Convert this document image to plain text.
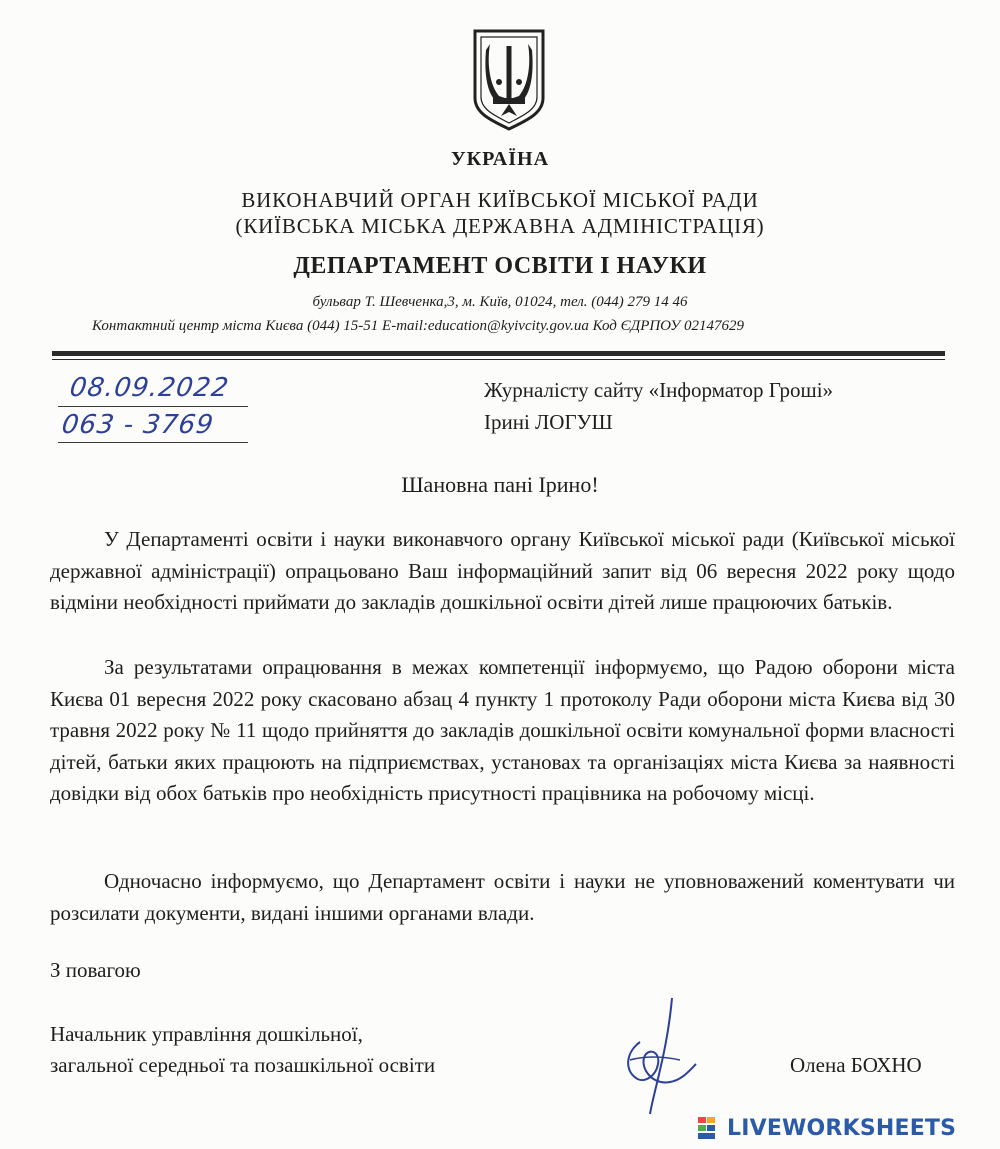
УКРАЇНА
ВИКОНАВЧИЙ ОРГАН КИЇВСЬКОЇ МІСЬКОЇ РАДИ
(КИЇВСЬКА МІСЬКА ДЕРЖАВНА АДМІНІСТРАЦІЯ)
ДЕПАРТАМЕНТ ОСВІТИ І НАУКИ
бульвар Т. Шевченка,3, м. Київ, 01024, тел. (044) 279 14 46
Контактний центр міста Києва (044) 15-51 E-mail:education@kyivcity.gov.ua Код ЄДРПОУ 02147629
08.09.2022
063 - 3769
Журналісту сайту «Інформатор Гроші»
Ірині ЛОГУШ
Шановна пані Ірино!

У Департаменті освіти і науки виконавчого органу Київської міської ради (Київської міської державної адміністрації) опрацьовано Ваш інформаційний запит від 06 вересня 2022 року щодо відміни необхідності приймати до закладів дошкільної освіти дітей лише працюючих батьків.

За результатами опрацювання в межах компетенції інформуємо, що Радою оборони міста Києва 01 вересня 2022 року скасовано абзац 4 пункту 1 протоколу Ради оборони міста Києва від 30 травня 2022 року № 11 щодо прийняття до закладів дошкільної освіти комунальної форми власності дітей, батьки яких працюють на підприємствах, установах та організаціях міста Києва за наявності довідки від обох батьків про необхідність присутності працівника на робочому місці.

Одночасно інформуємо, що Департамент освіти і науки не уповноважений коментувати чи розсилати документи, видані іншими органами влади.

З повагою
Начальник управління дошкільної,
загальної середньої та позашкільної освіти	Олена БОХНО
LIVEWORKSHEETS
